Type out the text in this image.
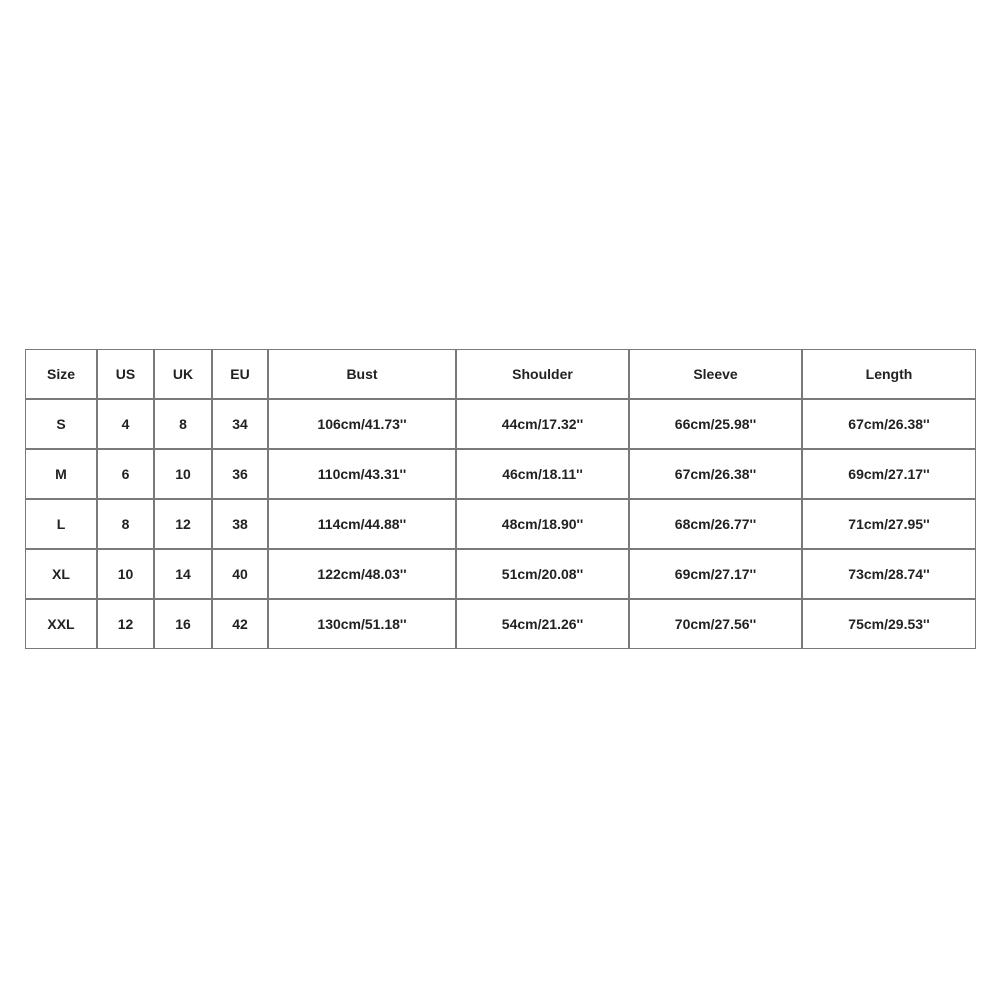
Size	US	UK	EU	Bust	Shoulder	Sleeve	Length
S	4	8	34	106cm/41.73''	44cm/17.32''	66cm/25.98''	67cm/26.38''
M	6	10	36	110cm/43.31''	46cm/18.11''	67cm/26.38''	69cm/27.17''
L	8	12	38	114cm/44.88''	48cm/18.90''	68cm/26.77''	71cm/27.95''
XL	10	14	40	122cm/48.03''	51cm/20.08''	69cm/27.17''	73cm/28.74''
XXL	12	16	42	130cm/51.18''	54cm/21.26''	70cm/27.56''	75cm/29.53''
